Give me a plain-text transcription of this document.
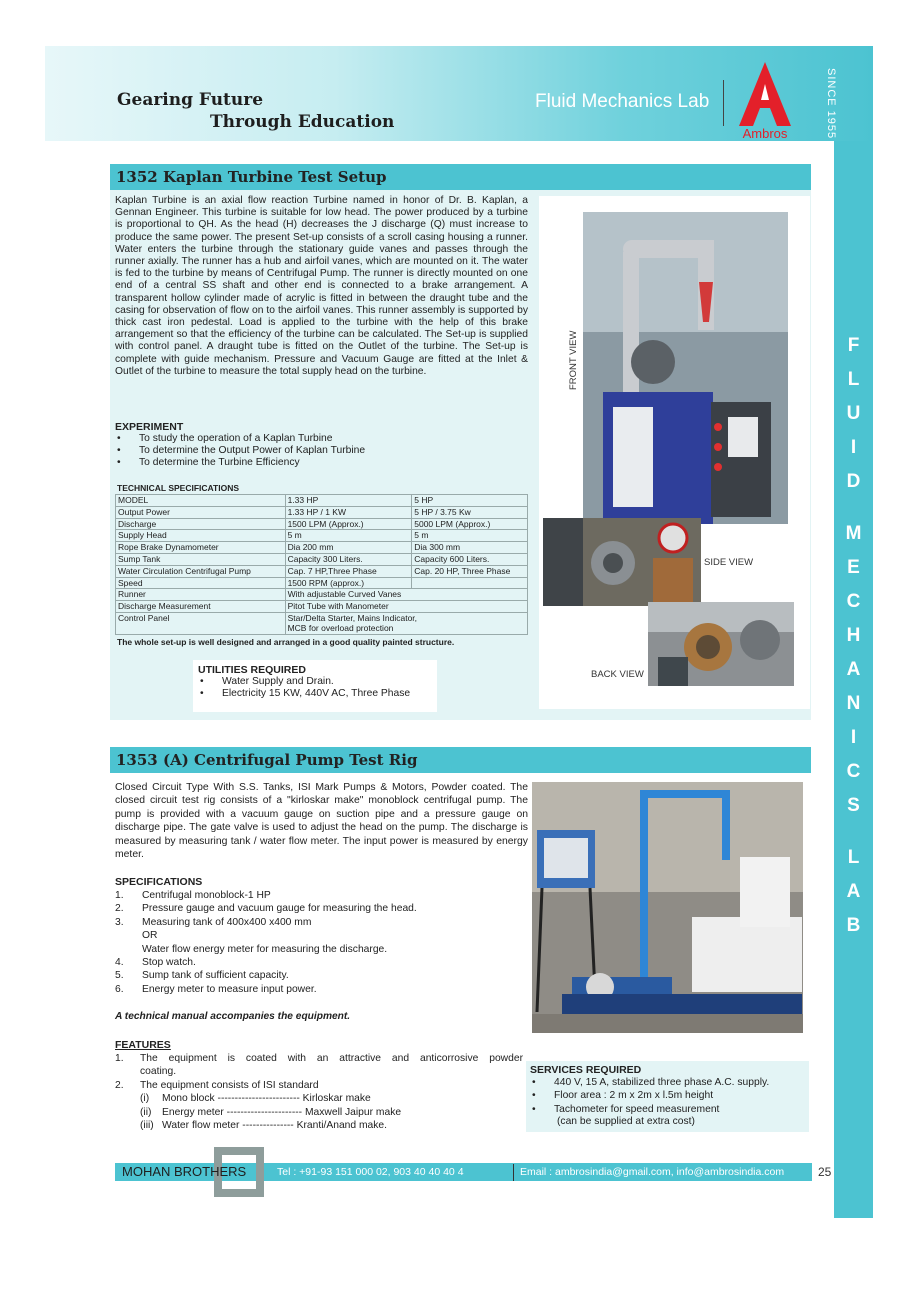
Gearing Future
Through Education
Fluid Mechanics Lab
Ambros	SINCE 1955
F
L
U
I
D
M
E
C
H
A
N
I
C
S
L
A
B
1352 Kaplan Turbine Test Setup
Kaplan Turbine is an axial flow reaction Turbine named in honor of Dr. B. Kaplan, a Gennan Engineer. This turbine is suitable for low head. The power produced by a turbine is proportional to QH. As the head (H) decreases the J discharge (Q) must increase to produce the same power. The present Set-up consists of a scroll casing housing a runner. Water enters the turbine through the stationary guide vanes and passes through the runner axially. The runner has a hub and airfoil vanes, which are mounted on it. The water is fed to the turbine by means of Centrifugal Pump. The runner is directly mounted on one end of a central SS shaft and other end is connected to a brake arrangement. A transparent hollow cylinder made of acrylic is fitted in between the draught tube and the casing for observation of flow on to the airfoil vanes. This runner assembly is supported by thick cast iron pedestal. Load is applied to the turbine with the help of this brake arrangement so that the efficiency of the turbine can be calculated. The Set-up is supplied with control panel. A draught tube is fitted on the Outlet of the turbine. The Set-up is complete with guide mechanism. Pressure and Vacuum Gauge are fitted at the Inlet & Outlet of the turbine to measure the total supply head on the turbine.
EXPERIMENT
• To study the operation of a Kaplan Turbine
• To determine the Output Power of Kaplan Turbine
• To determine the Turbine Efficiency
TECHNICAL SPECIFICATIONS
MODEL	1.33 HP	5 HP
Output Power	1.33 HP / 1 KW	5 HP / 3.75 Kw
Discharge	1500 LPM (Approx.)	5000 LPM (Approx.)
Supply Head	5 m	5 m
Rope Brake Dynamometer	Dia 200 mm	Dia 300 mm
Sump Tank	Capacity 300 Liters.	Capacity 600 Liters.
Water Circulation Centrifugal Pump	Cap. 7 HP,Three Phase	Cap. 20 HP, Three Phase
Speed	1500 RPM (approx.)	
Runner	With adjustable Curved Vanes	

Discharge Measurement	Pitot Tube with Manometer	

Control Panel	Star/Delta Starter, Mains Indicator,
MCB for overload protection	
The whole set-up is well designed and arranged in a good quality painted structure.
UTILITIES REQUIRED
• Water Supply and Drain.
• Electricity 15 KW, 440V AC, Three Phase
FRONT VIEW
SIDE VIEW
BACK VIEW
1353 (A) Centrifugal Pump Test Rig
Closed Circuit Type With S.S. Tanks, ISI Mark Pumps & Motors, Powder coated. The closed circuit test rig consists of a "kirloskar make" monoblock centrifugal pump. The pump is provided with a vacuum gauge on suction pipe and a pressure gauge on discharge pipe. The gate valve is used to adjust the head on the pump. The discharge is measured by measuring tank / water flow meter. The input power is measured by energy meter.
SPECIFICATIONS
1.	Centrifugal monoblock-1 HP
2.	Pressure gauge and vacuum gauge for measuring the head.
3.	Measuring tank of 400x400 x400 mm
OR
Water flow energy meter for measuring the discharge.
4.	Stop watch.
5.	Sump tank of sufficient capacity.
6.	Energy meter to measure input power.
A technical manual accompanies the equipment.
FEATURES
1.	The equipment is coated with an attractive and anticorrosive powder
coating.
2.	The equipment consists of ISI standard
(i)	Mono block ------------------------ Kirloskar make
(ii)	Energy meter ---------------------- Maxwell Jaipur make
(iii) Water flow meter --------------- Kranti/Anand make.
SERVICES REQUIRED
• 440 V, 15 A, stabilized three phase A.C. supply.
• Floor area : 2 m x 2m x l.5m height
• Tachometer for speed measurement
(can be supplied at extra cost)
MOHAN BROTHERS	Tel : +91-93 151 000 02, 903 40 40 40 4	Email : ambrosindia@gmail.com, info@ambrosindia.com	25
